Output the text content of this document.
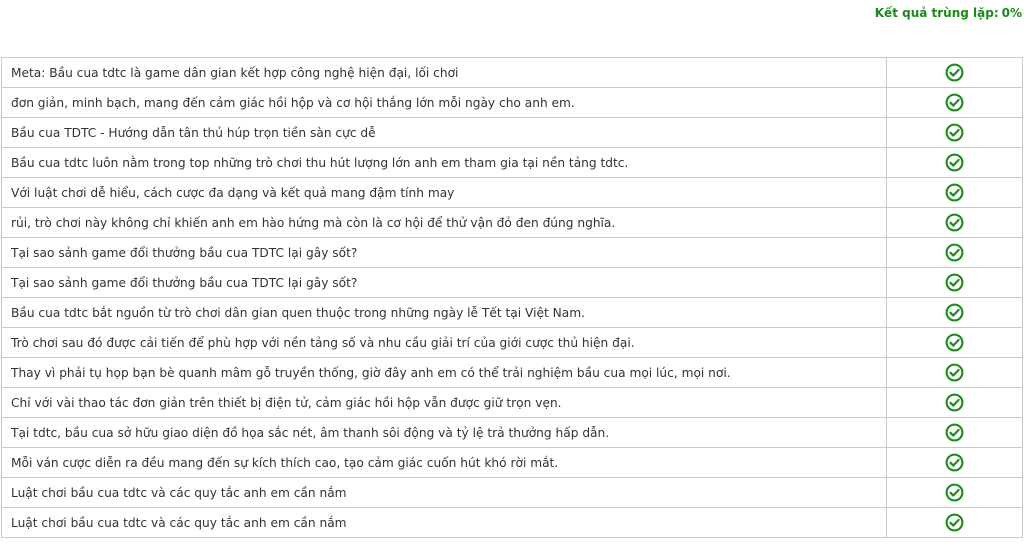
Kết quả trùng lặp: 0%
Meta: Bầu cua tdtc là game dân gian kết hợp công nghệ hiện đại, lối chơi	

đơn giản, minh bạch, mang đến cảm giác hồi hộp và cơ hội thắng lớn mỗi ngày cho anh em.	

Bầu cua TDTC - Hướng dẫn tân thủ húp trọn tiền sàn cực dễ	

Bầu cua tdtc luôn nằm trong top những trò chơi thu hút lượng lớn anh em tham gia tại nền tảng tdtc.	

Với luật chơi dễ hiểu, cách cược đa dạng và kết quả mang đậm tính may	

rủi, trò chơi này không chỉ khiến anh em hào hứng mà còn là cơ hội để thử vận đỏ đen đúng nghĩa.	

Tại sao sảnh game đổi thưởng bầu cua TDTC lại gây sốt?	

Tại sao sảnh game đổi thưởng bầu cua TDTC lại gây sốt?	

Bầu cua tdtc bắt nguồn từ trò chơi dân gian quen thuộc trong những ngày lễ Tết tại Việt Nam.	

Trò chơi sau đó được cải tiến để phù hợp với nền tảng số và nhu cầu giải trí của giới cược thủ hiện đại.	

Thay vì phải tụ họp bạn bè quanh mâm gỗ truyền thống, giờ đây anh em có thể trải nghiệm bầu cua mọi lúc, mọi nơi.	

Chỉ với vài thao tác đơn giản trên thiết bị điện tử, cảm giác hồi hộp vẫn được giữ trọn vẹn.	

Tại tdtc, bầu cua sở hữu giao diện đồ họa sắc nét, âm thanh sôi động và tỷ lệ trả thưởng hấp dẫn.	

Mỗi ván cược diễn ra đều mang đến sự kích thích cao, tạo cảm giác cuốn hút khó rời mắt.	

Luật chơi bầu cua tdtc và các quy tắc anh em cần nắm	

Luật chơi bầu cua tdtc và các quy tắc anh em cần nắm	
